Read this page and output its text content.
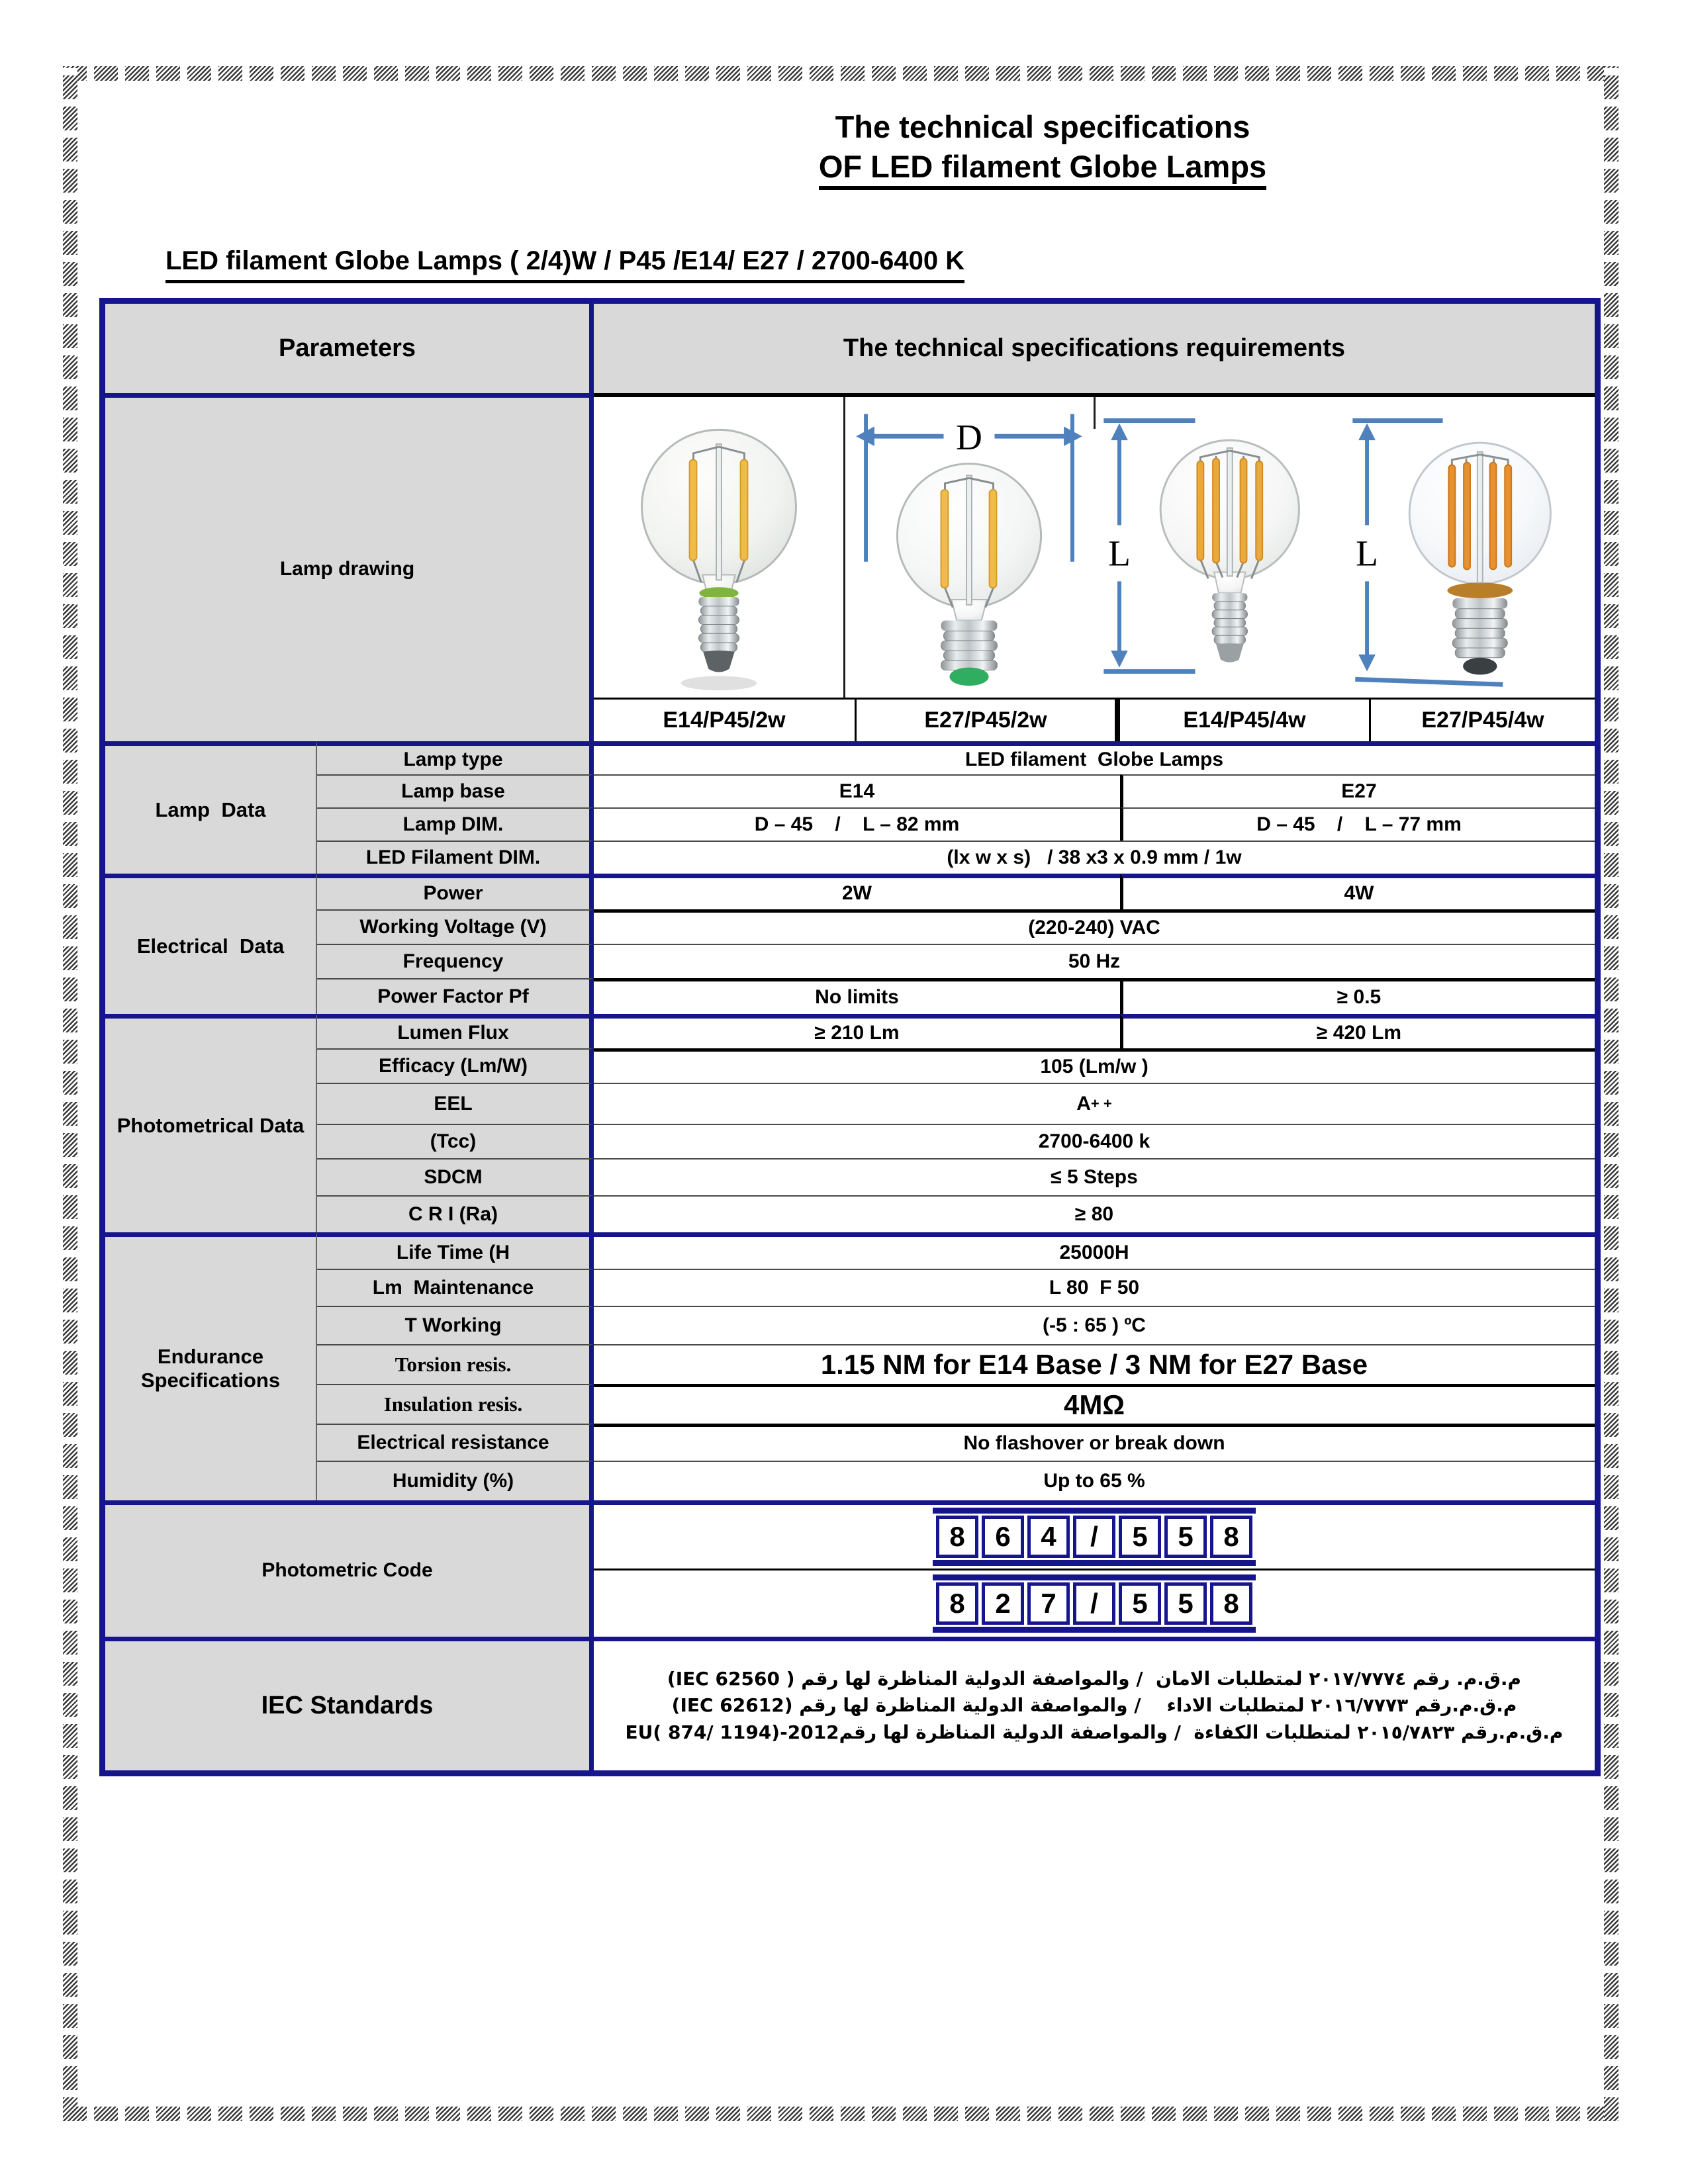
The technical specifications
OF LED filament Globe Lamps
LED filament Globe Lamps ( 2/4)W / P45 /E14/ E27 / 2700-6400 K
Parameters	The technical specifications requirements
Lamp drawing
D
L	L
E14/P45/2w	E27/P45/2w	E14/P45/4w	E27/P45/4w
Lamp  Data
Lamp type	LED filament  Globe Lamps
Lamp base	E14	E27
Lamp DIM.	D – 45    /    L – 82 mm	D – 45    /    L – 77 mm
LED Filament DIM.	(lx w x s)   / 38 x3 x 0.9 mm / 1w
Electrical  Data
Power	2W	4W
Working Voltage (V)	(220-240) VAC
Frequency	50 Hz
Power Factor Pf	No limits	≥ 0.5
Photometrical Data
Lumen Flux	≥ 210 Lm	≥ 420 Lm
Efficacy (Lm/W)	105 (Lm/w )
EEL	A + +
(Tcc)	2700-6400 k
SDCM	≤ 5 Steps
C R I (Ra)	≥ 80
Endurance Specifications
Life Time (H	25000H
Lm  Maintenance	L 80  F 50
T Working	(-5 : 65 ) ºC
Torsion resis.	1.15 NM for E14 Base / 3 NM for E27 Base
Insulation resis.	4MΩ
Electrical resistance	No flashover or break down
Humidity (%)	Up to 65 %
Photometric Code
8	6	4	/	5	5	8
8	2	7	/	5	5	8
IEC Standards
م.ق.م. رقم ٢٠١٧/٧٧٧٤ لمتطلبات الامان  / والمواصفة الدولية المناظرة لها رقم ( IEC 62560)
م.ق.م.رقم ٢٠١٦/٧٧٧٣ لمتطلبات الاداء    / والمواصفة الدولية المناظرة لها رقم (IEC 62612)
م.ق.م.رقم ٢٠١٥/٧٨٢٣ لمتطلبات الكفاءة  / والمواصفة الدولية المناظرة لها رقمEU( 874/ 1194)-2012
